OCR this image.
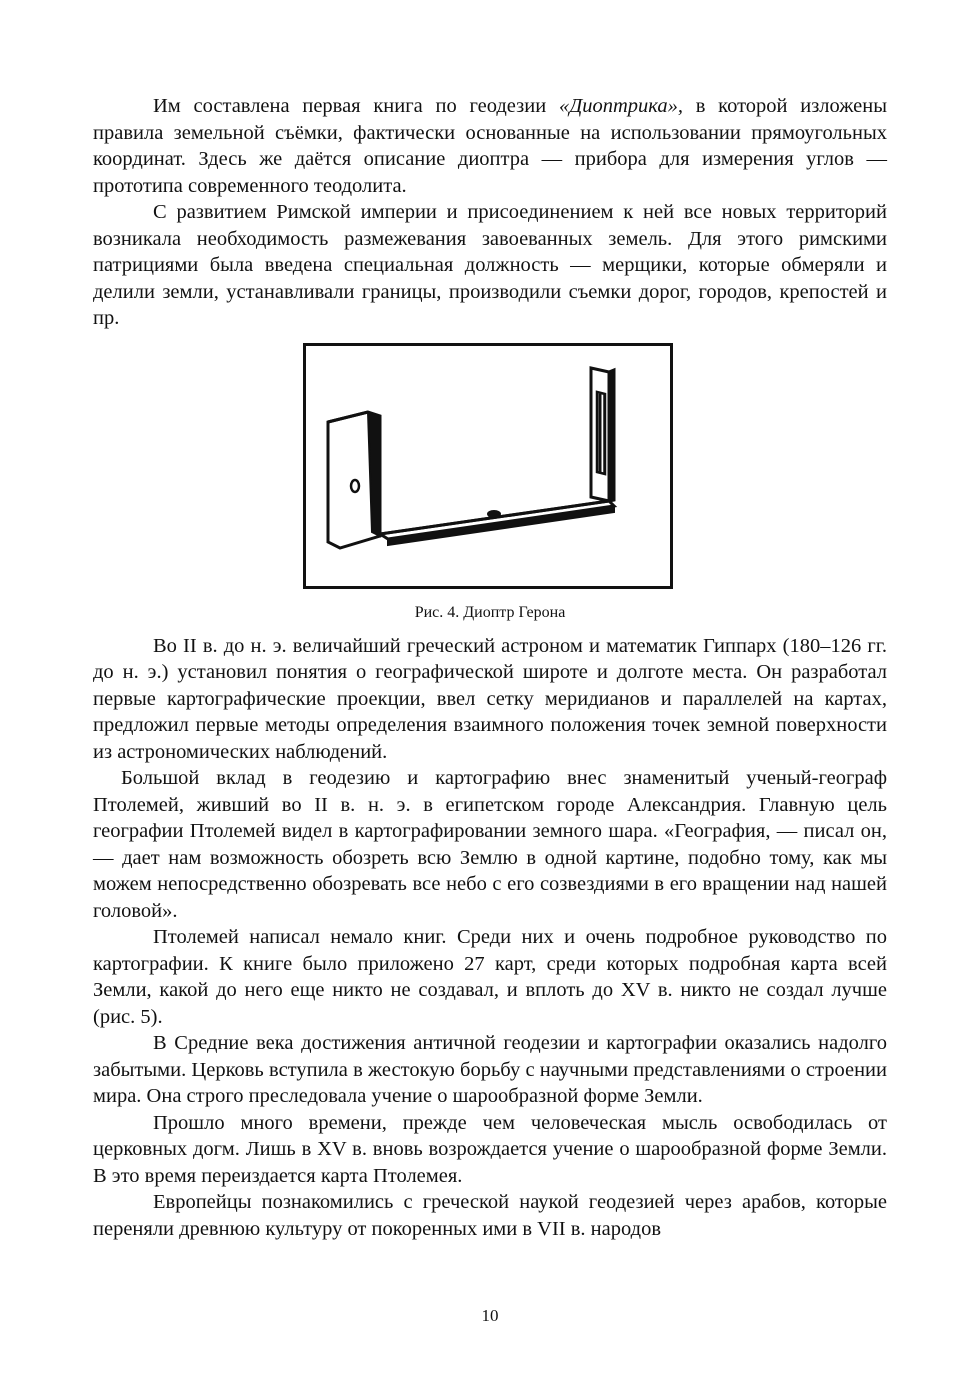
Им составлена первая книга по геодезии «Диоптрика», в которой изложены правила земельной съёмки, фактически основанные на использовании прямоугольных координат. Здесь же даётся описание диоптра — прибора для измерения углов — прототипа современного теодолита.

С развитием Римской империи и присоединением к ней все новых территорий возникала необходимость размежевания завоеванных земель. Для этого римскими патрициями была введена специальная должность — мерщики, которые обмеряли и делили земли, устанавливали границы, производили съемки дорог, городов, крепостей и пр.

Рис. 4. Диоптр Герона

Во II в. до н. э. величайший греческий астроном и математик Гиппарх (180–126 гг. до н. э.) установил понятия о географической широте и долготе места. Он разработал первые картографические проекции, ввел сетку меридианов и параллелей на картах, предложил первые методы определения взаимного положения точек земной поверхности из астрономических наблюдений.

Большой вклад в геодезию и картографию внес знаменитый ученый-географ Птолемей, живший во II в. н. э. в египетском городе Александрия. Главную цель географии Птолемей видел в картографировании земного шара. «География, — писал он, — дает нам возможность обозреть всю Землю в одной картине, подобно тому, как мы можем непосредственно обозревать все небо с его созвездиями в его вращении над нашей головой».

Птолемей написал немало книг. Среди них и очень подробное руководство по картографии. К книге было приложено 27 карт, среди которых подробная карта всей Земли, какой до него еще никто не создавал, и вплоть до XV в. никто не создал лучше (рис. 5).

В Средние века достижения античной геодезии и картографии оказались надолго забытыми. Церковь вступила в жестокую борьбу с научными представлениями о строении мира. Она строго преследовала учение о шарообразной форме Земли.

Прошло много времени, прежде чем человеческая мысль освободилась от церковных догм. Лишь в XV в. вновь возрождается учение о шарообразной форме Земли. В это время переиздается карта Птолемея.

Европейцы познакомились с греческой наукой геодезией через арабов, которые переняли древнюю культуру от покоренных ими в VII в. народов

10
